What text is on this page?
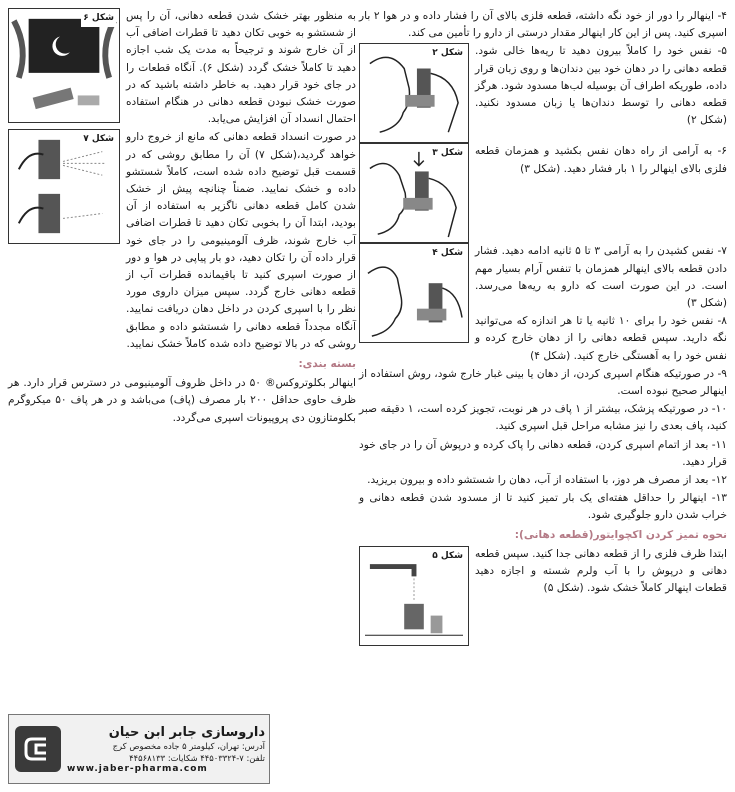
۴- اینهالر را دور از خود نگه داشته، قطعه فلزی بالای آن را فشار داده و در هوا ۲ بار اسپری کنید. پس از این کار اینهالر مقدار درستی از دارو را تأمین می کند.

۵- نفس خود را کاملاً بیرون دهید تا ریه‌ها خالی شود. قطعه دهانی را در دهان خود بین دندان‌ها و روی زبان قرار داده، طوریکه اطراف آن بوسیله لب‌ها مسدود شود. هرگز قطعه دهانی را توسط دندان‌ها یا زبان مسدود نکنید. (شکل ۲)

شکل ۲

۶- به آرامی از راه دهان نفس بکشید و همزمان قطعه فلزی بالای اینهالر را ۱ بار فشار دهید. (شکل ۳)

شکل ۳

۷- نفس کشیدن را به آرامی ۳ تا ۵ ثانیه ادامه دهید. فشار دادن قطعه بالای اینهالر همزمان با تنفس آرام بسیار مهم است. در این صورت است که دارو به ریه‌ها می‌رسد. (شکل ۳)

۸- نفس خود را برای ۱۰ ثانیه یا تا هر اندازه که می‌توانید نگه دارید. سپس قطعه دهانی را از دهان خارج کرده و نفس خود را به آهستگی خارج کنید. (شکل ۴)

شکل ۴

۹- در صورتیکه هنگام اسپری کردن، از دهان یا بینی غبار خارج شود، روش استفاده از اینهالر صحیح نبوده است.

۱۰- در صورتیکه پزشک، بیشتر از ۱ پاف در هر نوبت، تجویز کرده است، ۱ دقیقه صبر کنید، پاف بعدی را نیز مشابه مراحل قبل اسپری کنید.

۱۱- بعد از اتمام اسپری کردن، قطعه دهانی را پاک کرده و درپوش آن را در جای خود قرار دهید.

۱۲- بعد از مصرف هر دوز، با استفاده از آب، دهان را شستشو داده و بیرون بریزید.

۱۳- اینهالر را حداقل هفته‌ای یک بار تمیز کنید تا از مسدود شدن قطعه دهانی و خراب شدن دارو جلوگیری شود.

نحوه تمیز کردن اکچوایتور(قطعه دهانی):

ابتدا ظرف فلزی را از قطعه دهانی جدا کنید. سپس قطعه دهانی و درپوش را با آب ولرم شسته و اجازه دهید قطعات اینهالر کاملاً خشک شود. (شکل ۵)

شکل ۵

به منظور بهتر خشک شدن قطعه دهانی، آن را پس از شستشو به خوبی تکان دهید تا قطرات اضافی آب از آن خارج شوند و ترجیحاً به مدت یک شب اجازه دهید تا کاملاً خشک گردد (شکل ۶). آنگاه قطعات را در جای خود قرار دهید. به خاطر داشته باشید که در صورت خشک نبودن قطعه دهانی در هنگام استفاده احتمال انسداد آن افزایش می‌یابد.

شکل ۶

در صورت انسداد قطعه دهانی که مانع از خروج دارو خواهد گردید،(شکل ۷) آن را مطابق روشی که در قسمت قبل توضیح داده شده است، کاملاً شستشو داده و خشک نمایید. ضمناً چنانچه پیش از خشک شدن کامل قطعه دهانی ناگزیر به استفاده از آن بودید، ابتدا آن را بخوبی تکان دهید تا قطرات اضافی آب خارج شوند، ظرف آلومینیومی را در جای خود قرار داده آن را تکان دهید، دو بار پیاپی در هوا و دور از صورت اسپری کنید تا باقیمانده قطرات آب از قطعه دهانی خارج گردد. سپس میزان داروی مورد نظر را با اسپری کردن در داخل دهان دریافت نمایید. آنگاه مجدداً قطعه دهانی را شستشو داده و مطابق روشی که در بالا توضیح داده شده کاملاً خشک نمایید.

شکل ۷

بسته بندی:

اینهالر بکلوتروکس® ۵۰ در داخل ظروف آلومینیومی در دسترس قرار دارد. هر ظرف حاوی حداقل ۲۰۰ بار مصرف (پاف) می‌باشد و در هر پاف ۵۰ میکروگرم بکلومتازون دی پروپیونات اسپری می‌گردد.

داروسازی جابر ابن حیان
آدرس: تهران، کیلومتر ۵ جاده مخصوص کرج
تلفن: ۷-۴۴۵۰۳۳۲۴ شکایات: ۴۴۵۶۸۱۳۳
www.jaber-pharma.com
